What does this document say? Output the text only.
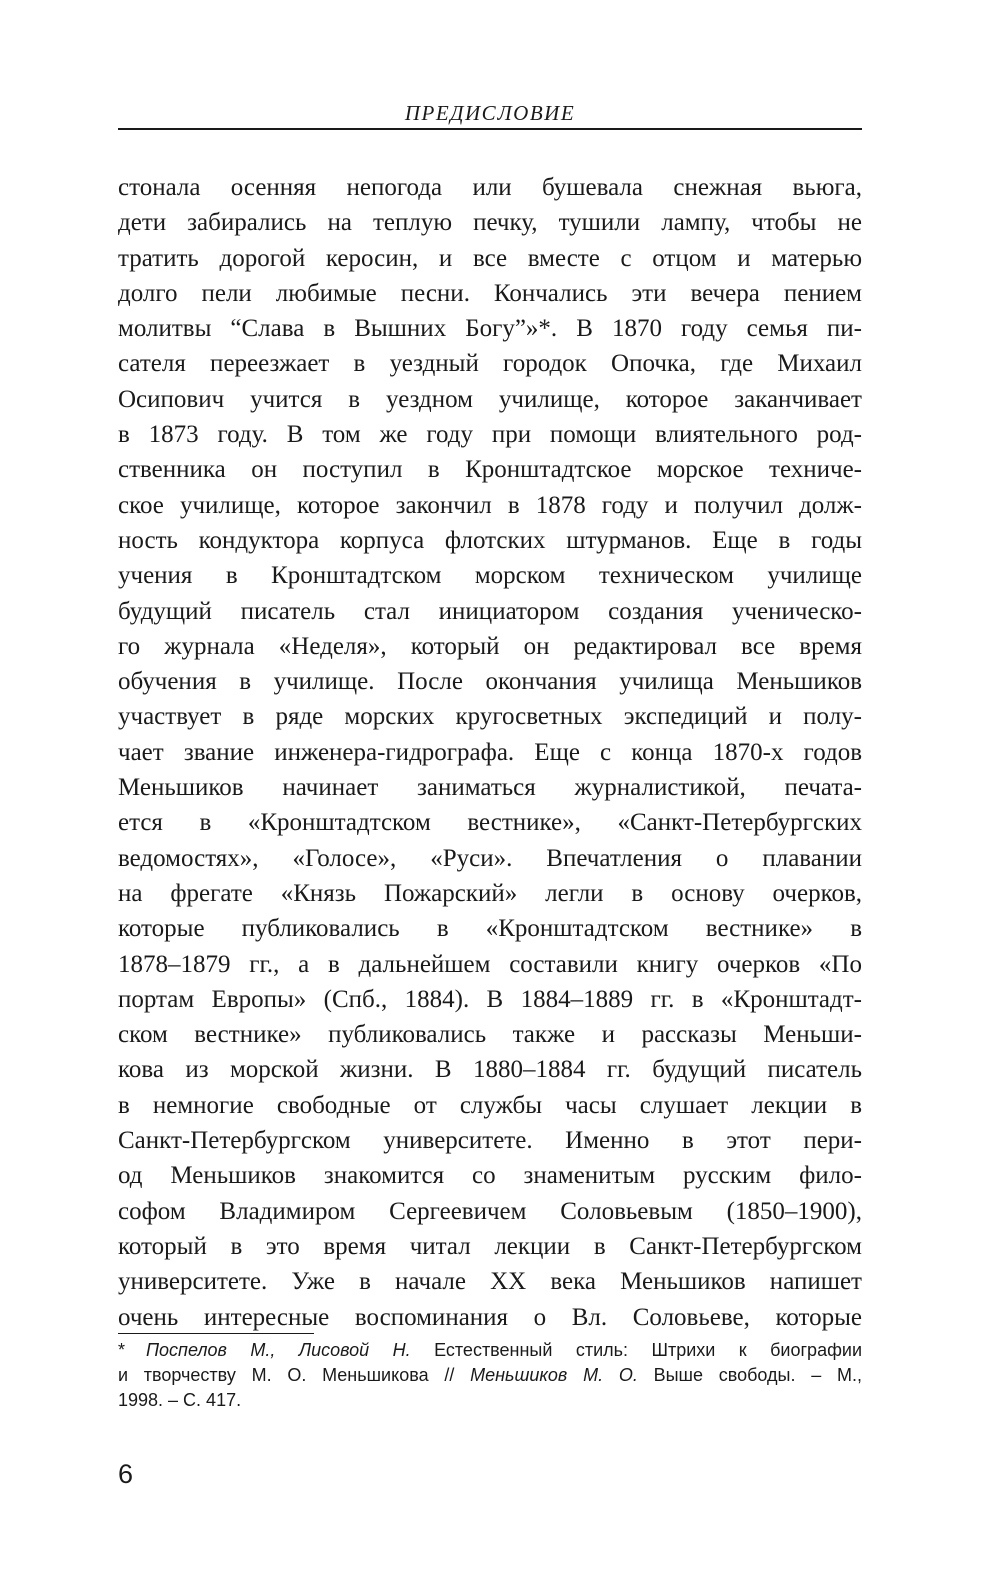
ПРЕДИСЛОВИЕ
стонала осенняя непогода или бушевала снежная вьюга,
дети забирались на теплую печку, тушили лампу, чтобы не
тратить дорогой керосин, и все вместе с отцом и матерью
долго пели любимые песни. Кончались эти вечера пением
молитвы “Слава в Вышних Богу”»*. В 1870 году семья пи-
сателя переезжает в уездный городок Опочка, где Михаил
Осипович учится в уездном училище, которое заканчивает
в 1873 году. В том же году при помощи влиятельного род-
ственника он поступил в Кронштадтское морское техниче-
ское училище, которое закончил в 1878 году и получил долж-
ность кондуктора корпуса флотских штурманов. Еще в годы
учения в Кронштадтском морском техническом училище
будущий писатель стал инициатором создания ученическо-
го журнала «Неделя», который он редактировал все время
обучения в училище. После окончания училища Меньшиков
участвует в ряде морских кругосветных экспедиций и полу-
чает звание инженера-гидрографа. Еще с конца 1870-х годов
Меньшиков начинает заниматься журналистикой, печата-
ется в «Кронштадтском вестнике», «Санкт-Петербургских
ведомостях», «Голосе», «Руси». Впечатления о плавании
на фрегате «Князь Пожарский» легли в основу очерков,
которые публиковались в «Кронштадтском вестнике» в
1878–1879 гг., а в дальнейшем составили книгу очерков «По
портам Европы» (Спб., 1884). В 1884–1889 гг. в «Кронштадт-
ском вестнике» публиковались также и рассказы Меньши-
кова из морской жизни. В 1880–1884 гг. будущий писатель
в немногие свободные от службы часы слушает лекции в
Санкт-Петербургском университете. Именно в этот пери-
од Меньшиков знакомится со знаменитым русским фило-
софом Владимиром Сергеевичем Соловьевым (1850–1900),
который в это время читал лекции в Санкт-Петербургском
университете. Уже в начале XX века Меньшиков напишет
очень интересные воспоминания о Вл. Соловьеве, которые
* Поспелов М., Лисовой Н. Естественный стиль: Штрихи к биографии
и творчеству М. О. Меньшикова // Меньшиков М. О. Выше свободы. – М.,
1998. – С. 417.
6
